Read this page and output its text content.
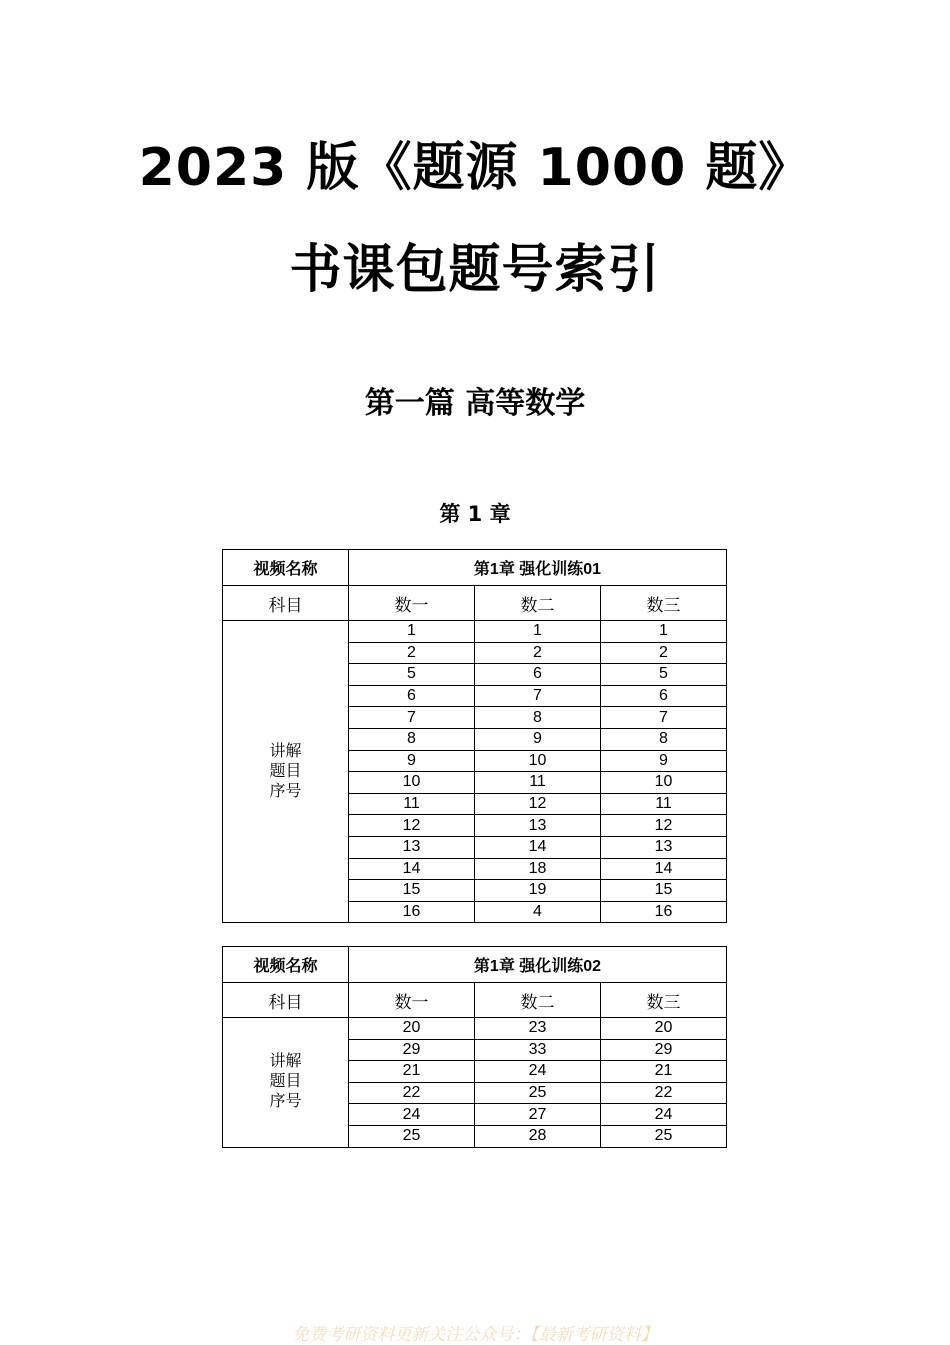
2023 版《题源 1000 题》
书课包题号索引
第一篇 高等数学
第 1 章
视频名称	第1章 强化训练01		
科目	数一	数二	数三

讲解
题目
序号	1	1	1
	2	2	2
	5	6	5
	6	7	6
	7	8	7
	8	9	8
	9	10	9
	10	11	10
	11	12	11
	12	13	12
	13	14	13
	14	18	14
	15	19	15
	16	4	16
视频名称	第1章 强化训练02		
科目	数一	数二	数三

讲解
题目
序号	20	23	20
	29	33	29
	21	24	21
	22	25	22
	24	27	24
	25	28	25
免费考研资料更新关注公众号：【最新考研资料】
